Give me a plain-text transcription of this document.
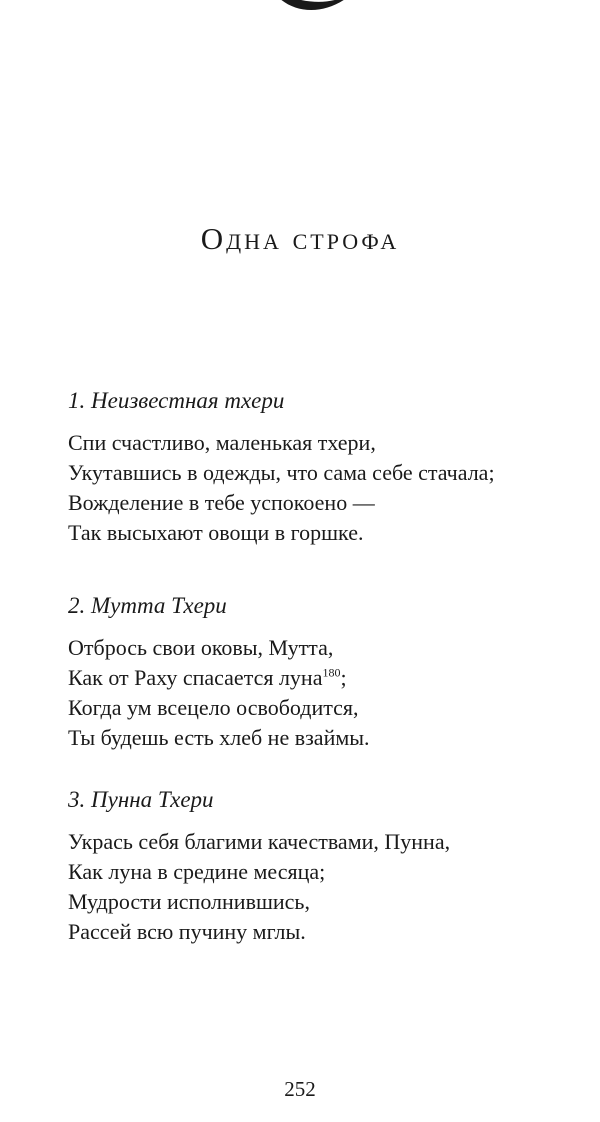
Одна строфа
1. Неизвестная тхери
Спи счастливо, маленькая тхери,
Укутавшись в одежды, что сама себе стачала;
Вожделение в тебе успокоено —
Так высыхают овощи в горшке.
2. Мутта Тхери
Отбрось свои оковы, Мутта,
Как от Раху спасается луна$^{180}$;
Когда ум всецело освободится,
Ты будешь есть хлеб не взаймы.
3. Пунна Тхери
Укрась себя благими качествами, Пунна,
Как луна в средине месяца;
Мудрости исполнившись,
Рассей всю пучину мглы.
252
